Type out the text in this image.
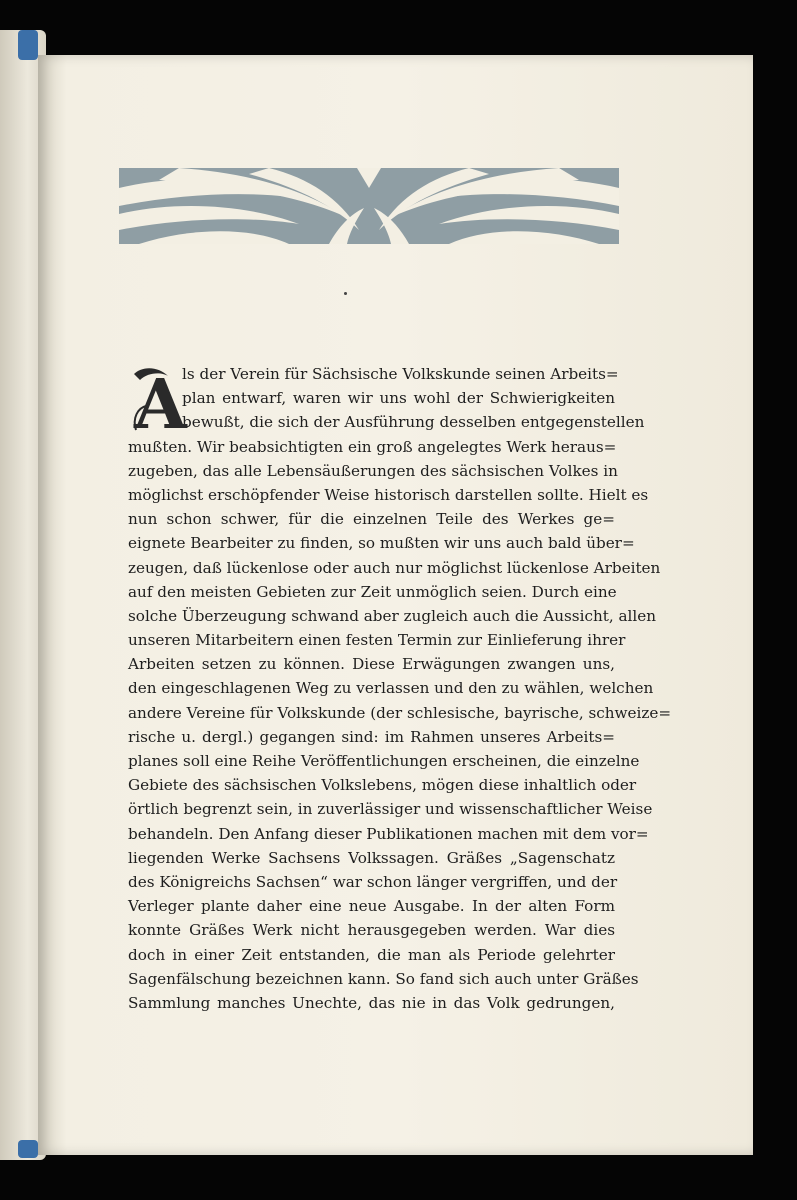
A
ls der Verein für Sächsische Volkskunde seinen Arbeits=
plan entwarf, waren wir uns wohl der Schwierigkeiten
bewußt, die sich der Ausführung desselben entgegenstellen
mußten. Wir beabsichtigten ein groß angelegtes Werk heraus=
zugeben, das alle Lebensäußerungen des sächsischen Volkes in
möglichst erschöpfender Weise historisch darstellen sollte. Hielt es
nun schon schwer, für die einzelnen Teile des Werkes ge=
eignete Bearbeiter zu finden, so mußten wir uns auch bald über=
zeugen, daß lückenlose oder auch nur möglichst lückenlose Arbeiten
auf den meisten Gebieten zur Zeit unmöglich seien. Durch eine
solche Überzeugung schwand aber zugleich auch die Aussicht, allen
unseren Mitarbeitern einen festen Termin zur Einlieferung ihrer
Arbeiten setzen zu können. Diese Erwägungen zwangen uns,
den eingeschlagenen Weg zu verlassen und den zu wählen, welchen
andere Vereine für Volkskunde (der schlesische, bayrische, schweize=
rische u. dergl.) gegangen sind: im Rahmen unseres Arbeits=
planes soll eine Reihe Veröffentlichungen erscheinen, die einzelne
Gebiete des sächsischen Volkslebens, mögen diese inhaltlich oder
örtlich begrenzt sein, in zuverlässiger und wissenschaftlicher Weise
behandeln. Den Anfang dieser Publikationen machen mit dem vor=
liegenden Werke Sachsens Volkssagen. Gräßes „Sagenschatz
des Königreichs Sachsen“ war schon länger vergriffen, und der
Verleger plante daher eine neue Ausgabe. In der alten Form
konnte Gräßes Werk nicht herausgegeben werden. War dies
doch in einer Zeit entstanden, die man als Periode gelehrter
Sagenfälschung bezeichnen kann. So fand sich auch unter Gräßes
Sammlung manches Unechte, das nie in das Volk gedrungen,
